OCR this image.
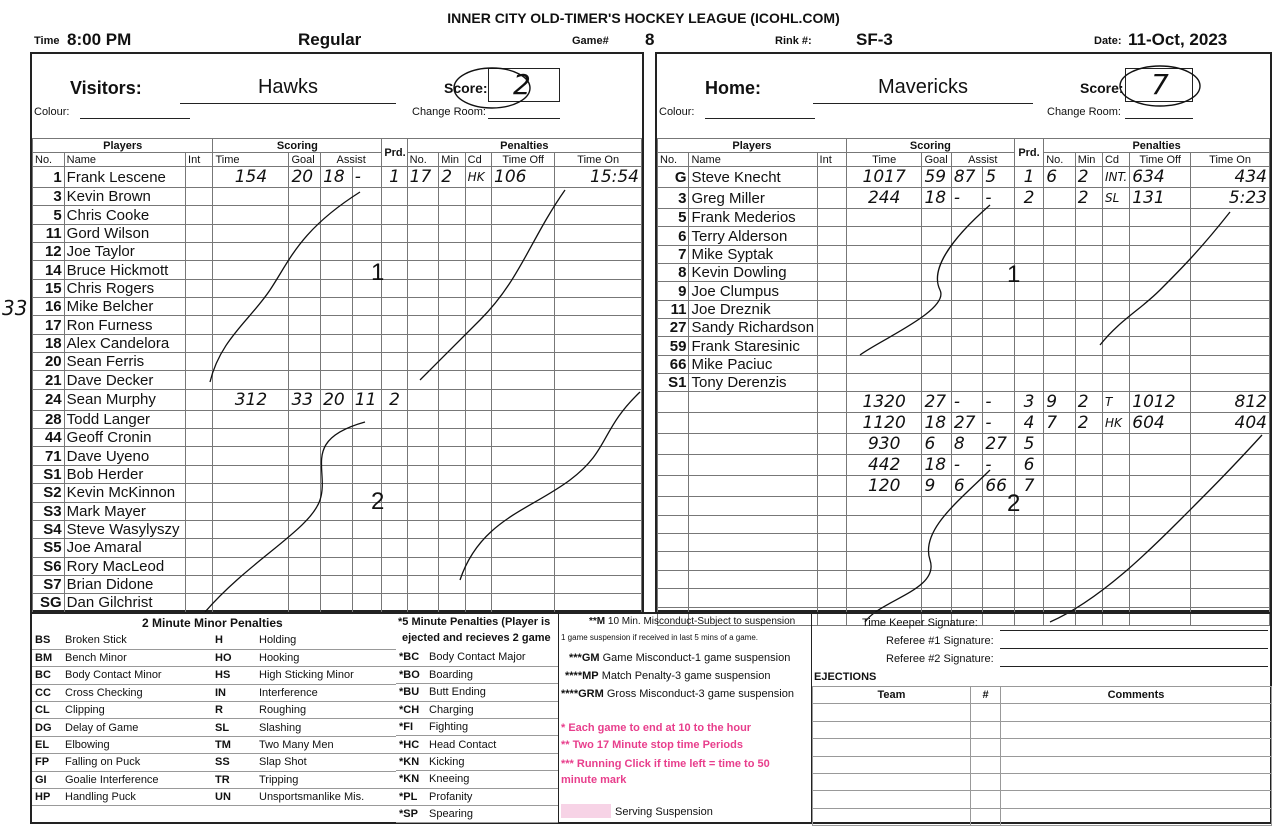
INNER CITY OLD-TIMER'S HOCKEY LEAGUE (ICOHL.COM)
Time 8:00 PM	Regular	Game# 8	Rink #:	SF-3	Date: 11-Oct, 2023
33
Visitors:	Hawks
Colour:
Score: 2
Change Room:
Home:	Mavericks
Colour:
Score: 7
Change Room:
Players			Scoring				Prd.	Penalties				
No.	Name	Int	Time	Goal	Assist			No.	Min	Cd	Time Off	Time On
1	Frank Lescene		154	20	18	-	1	17	2	HK	106	15:54
3	Kevin Brown											
5	Chris Cooke											
11	Gord Wilson											
12	Joe Taylor											
14	Bruce Hickmott											
15	Chris Rogers											
16	Mike Belcher											
17	Ron Furness											
18	Alex Candelora											
20	Sean Ferris											
21	Dave Decker											
24	Sean Murphy		312	33	20	11	2					
28	Todd Langer											
44	Geoff Cronin											
71	Dave Uyeno											
S1	Bob Herder											
S2	Kevin McKinnon											
S3	Mark Mayer											
S4	Steve Wasylyszy											
S5	Joe Amaral											
S6	Rory MacLeod											
S7	Brian Didone											
SG	Dan Gilchrist											
Players			Scoring				Prd.	Penalties				
No.	Name	Int	Time	Goal	Assist			No.	Min	Cd	Time Off	Time On
G	Steve Knecht		1017	59	87	5	1	6	2	INT.	634	434
3	Greg Miller		244	18	-	-	2		2	SL	131	5:23
5	Frank Mederios											
6	Terry Alderson											
7	Mike Syptak											
8	Kevin Dowling											
9	Joe Clumpus											
11	Joe Dreznik											
27	Sandy Richardson											
59	Frank Staresinic											
66	Mike Paciuc											
S1	Tony Derenzis											
			1320	27	-	-	3	9	2	T	1012	812
			1120	18	27	-	4	7	2	HK	604	404
			930	6	8	27	5					
			442	18	-	-	6					
			120	9	6	66	7					

1
2
1
2
2 Minute Minor Penalties
BS	Broken Stick	H	Holding
BM	Bench Minor	HO	Hooking
BC	Body Contact Minor	HS	High Sticking Minor
CC	Cross Checking	IN	Interference
CL	Clipping	R	Roughing
DG	Delay of Game	SL	Slashing
EL	Elbowing	TM	Two Many Men
FP	Falling on Puck	SS	Slap Shot
GI	Goalie Interference	TR	Tripping
HP	Handling Puck	UN	Unsportsmanlike Mis.
*5 Minute Penalties (Player is
ejected and recieves 2 game
*BC	Body Contact Major
*BO	Boarding
*BU	Butt Ending
*CH	Charging
*FI	Fighting
*HC	Head Contact
*KN	Kicking
*KN	Kneeing
*PL	Profanity
*SP	Spearing
**M 10 Min. Misconduct-Subject to suspension
1 game suspension if received in last 5 mins of a game.
***GM Game Misconduct-1 game suspension
****MP Match Penalty-3 game suspension
****GRM Gross Misconduct-3 game suspension
* Each game to end at 10 to the hour
** Two 17 Minute stop time Periods
*** Running Click if time left = time to 50 minute mark
Serving Suspension
Time Keeper Signature:
Referee #1 Signature:
Referee #2 Signature:
EJECTIONS
Team	#	Comments
